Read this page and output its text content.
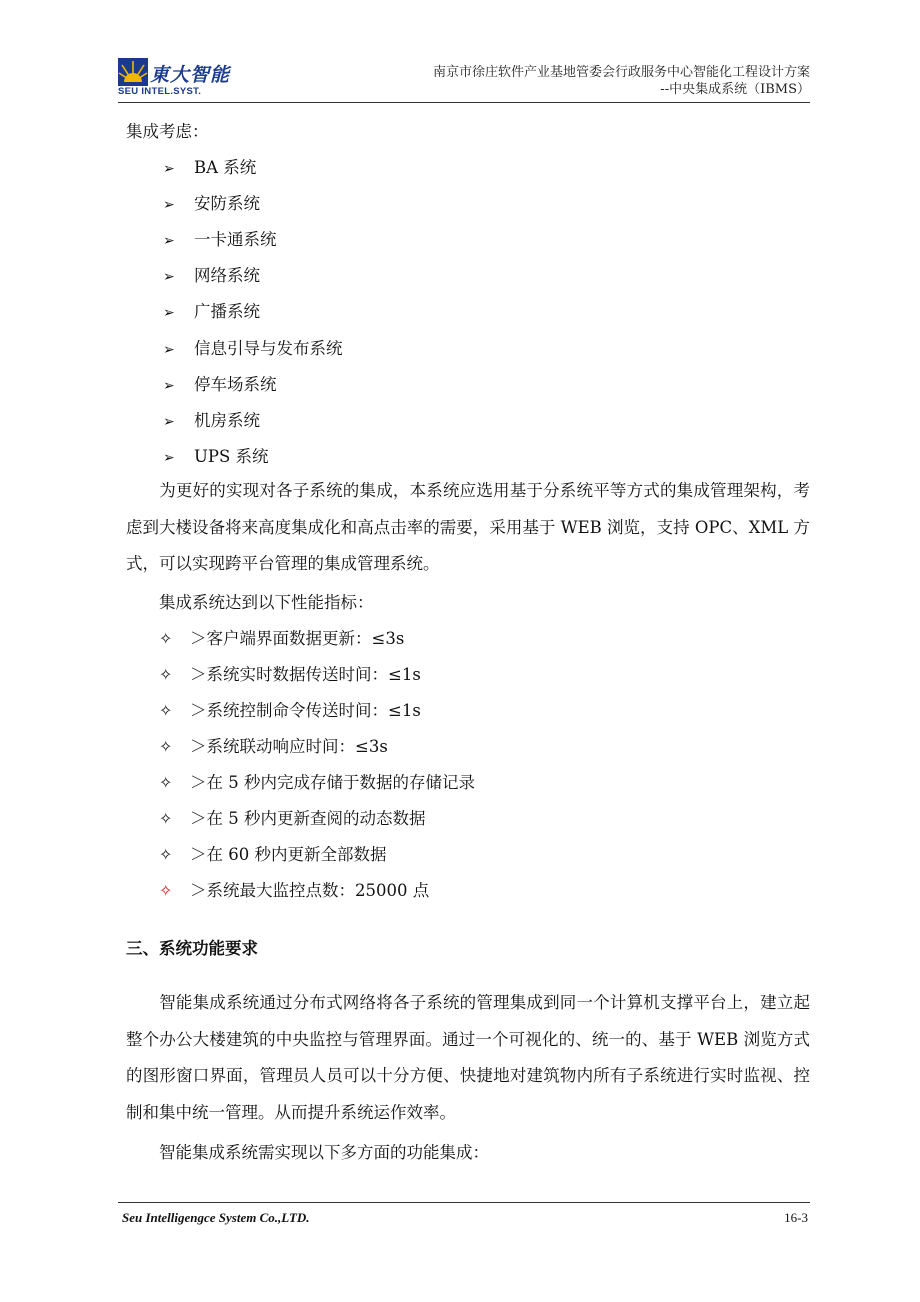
東大智能
SEU INTEL.SYST.
南京市徐庄软件产业基地管委会行政服务中心智能化工程设计方案
--中央集成系统（IBMS）
集成考虑：
➢ BA 系统
➢ 安防系统
➢ 一卡通系统
➢ 网络系统
➢ 广播系统
➢ 信息引导与发布系统
➢ 停车场系统
➢ 机房系统
➢ UPS 系统
为更好的实现对各子系统的集成，本系统应选用基于分系统平等方式的集成管理架构，考虑到大楼设备将来高度集成化和高点击率的需要，采用基于 WEB 浏览，支持 OPC、XML 方式，可以实现跨平台管理的集成管理系统。
集成系统达到以下性能指标：
✧ ＞客户端界面数据更新：≤3s
✧ ＞系统实时数据传送时间：≤1s
✧ ＞系统控制命令传送时间：≤1s
✧ ＞系统联动响应时间：≤3s
✧ ＞在 5 秒内完成存储于数据的存储记录
✧ ＞在 5 秒内更新查阅的动态数据
✧ ＞在 60 秒内更新全部数据
✧ ＞系统最大监控点数：25000 点
三、系统功能要求
智能集成系统通过分布式网络将各子系统的管理集成到同一个计算机支撑平台上，建立起整个办公大楼建筑的中央监控与管理界面。通过一个可视化的、统一的、基于 WEB 浏览方式的图形窗口界面，管理员人员可以十分方便、快捷地对建筑物内所有子系统进行实时监视、控制和集中统一管理。从而提升系统运作效率。
智能集成系统需实现以下多方面的功能集成：
Seu Intelligengce System Co.,LTD.	16-3
